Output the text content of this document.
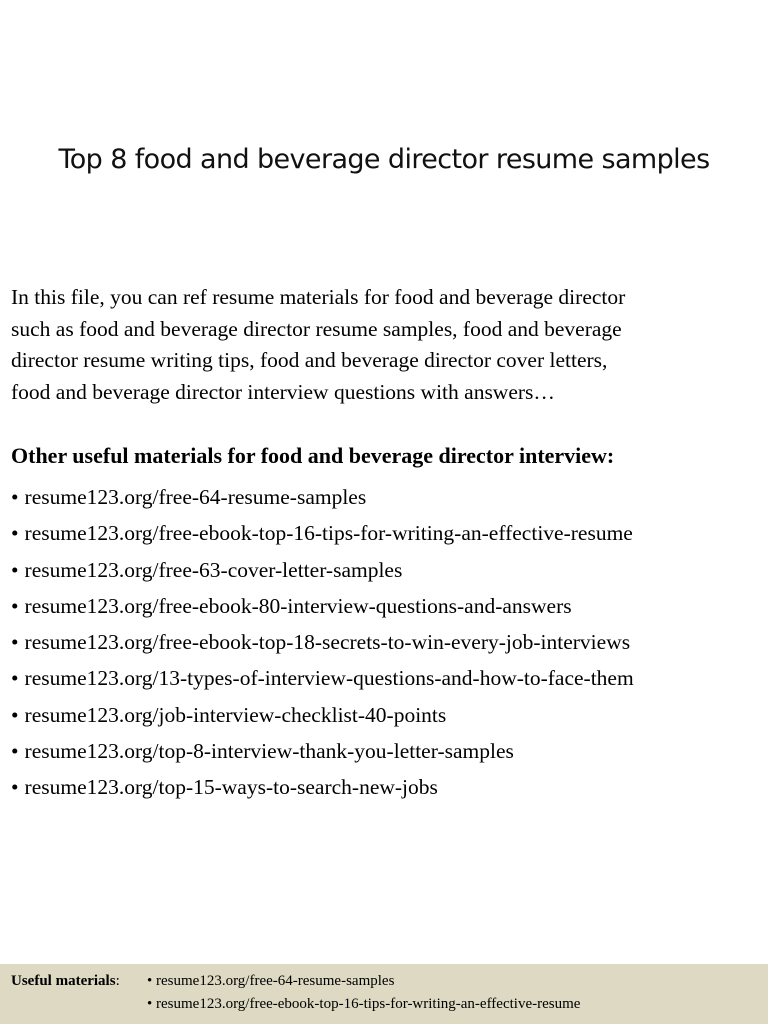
Top 8 food and beverage director resume samples

In this file, you can ref resume materials for food and beverage director
such as food and beverage director resume samples, food and beverage
director resume writing tips, food and beverage director cover letters,
food and beverage director interview questions with answers…

Other useful materials for food and beverage director interview:

• resume123.org/free-64-resume-samples
• resume123.org/free-ebook-top-16-tips-for-writing-an-effective-resume
• resume123.org/free-63-cover-letter-samples
• resume123.org/free-ebook-80-interview-questions-and-answers
• resume123.org/free-ebook-top-18-secrets-to-win-every-job-interviews
• resume123.org/13-types-of-interview-questions-and-how-to-face-them
• resume123.org/job-interview-checklist-40-points
• resume123.org/top-8-interview-thank-you-letter-samples
• resume123.org/top-15-ways-to-search-new-jobs
Useful materials: • resume123.org/free-64-resume-samples
• resume123.org/free-ebook-top-16-tips-for-writing-an-effective-resume
